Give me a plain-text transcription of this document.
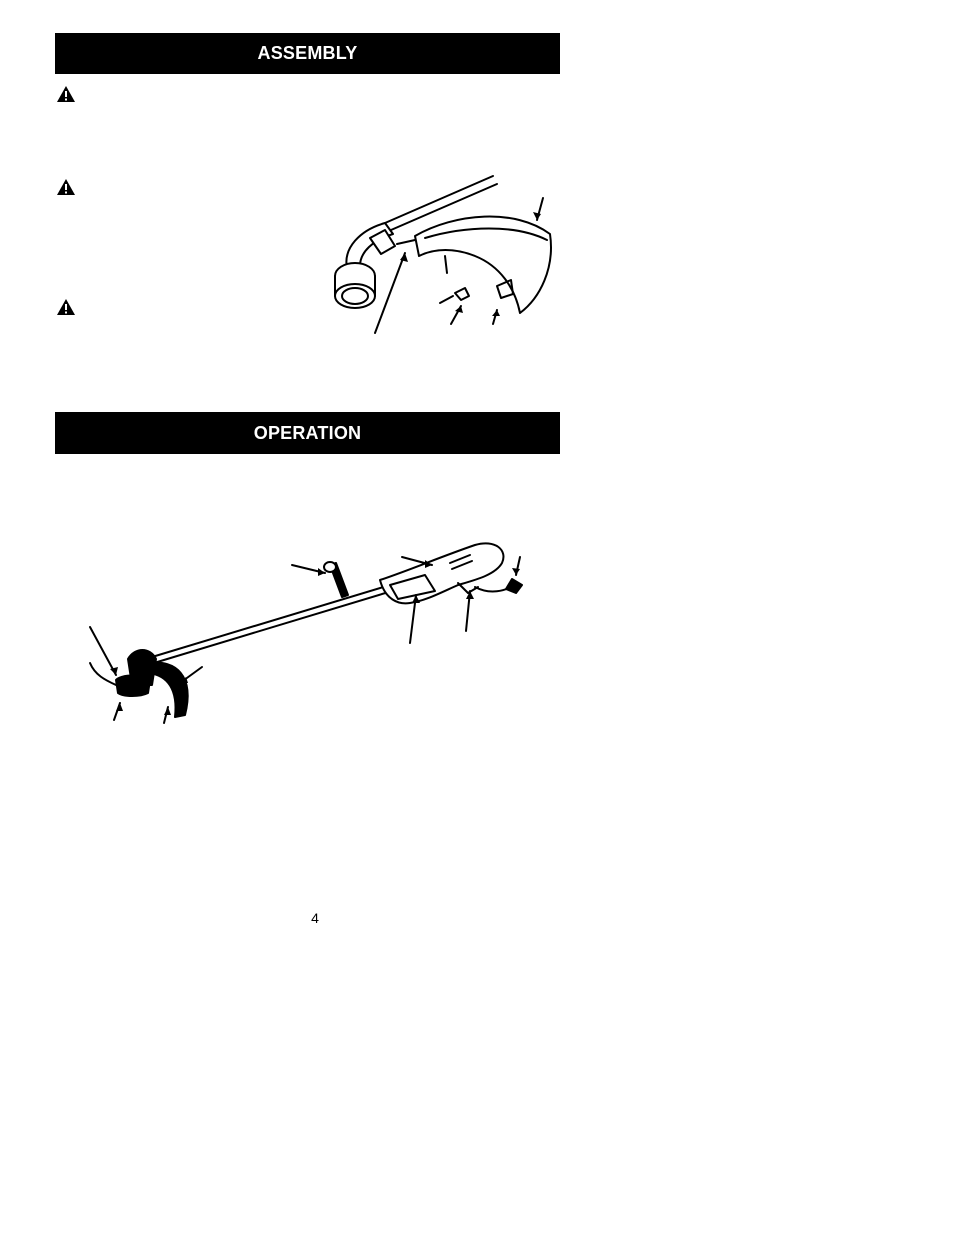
ASSEMBLY
OPERATION
4
